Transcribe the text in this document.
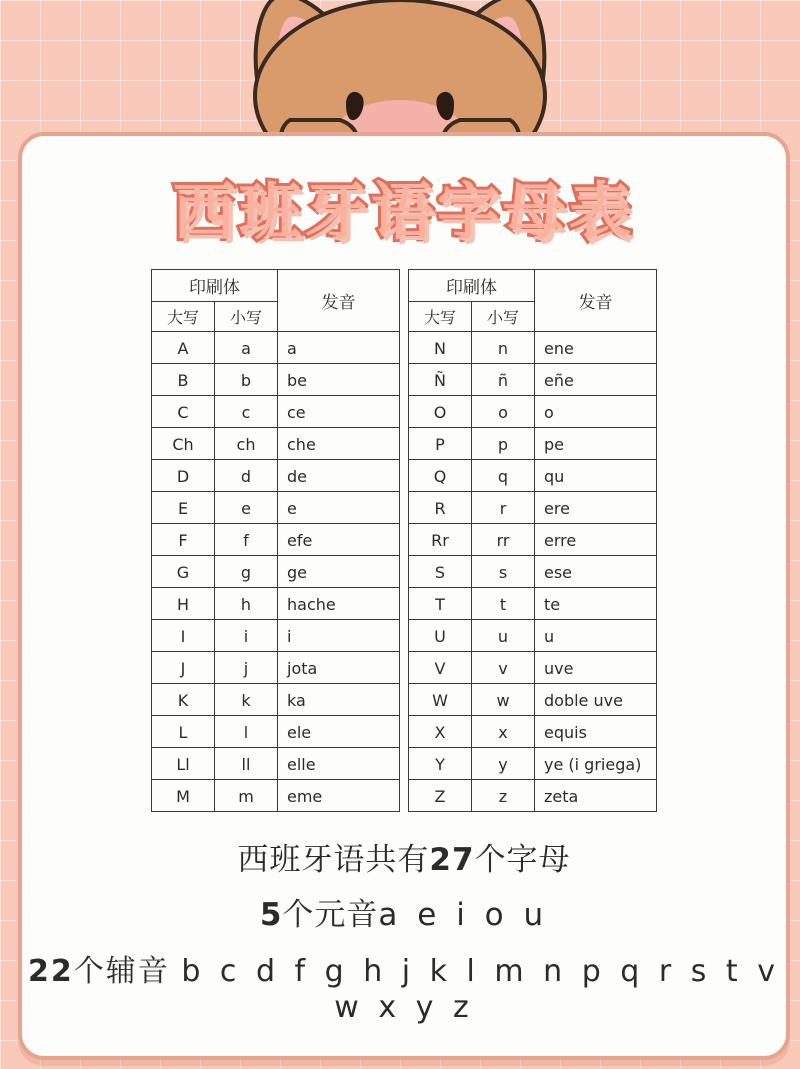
西班牙语字母表
印刷体		发音
大写	小写	
A	a	a
B	b	be
C	c	ce
Ch	ch	che
D	d	de
E	e	e
F	f	efe
G	g	ge
H	h	hache
I	i	i
J	j	jota
K	k	ka
L	l	ele
Ll	ll	elle
M	m	eme
印刷体		发音
大写	小写	
N	n	ene
Ñ	ñ	eñe
O	o	o
P	p	pe
Q	q	qu
R	r	ere
Rr	rr	erre
S	s	ese
T	t	te
U	u	u
V	v	uve
W	w	doble uve
X	x	equis
Y	y	ye (i griega)
Z	z	zeta
西班牙语共有27个字母
5个元音a e i o u
22个辅音 b c d f g h j k l m n p q r s t v w x y z
